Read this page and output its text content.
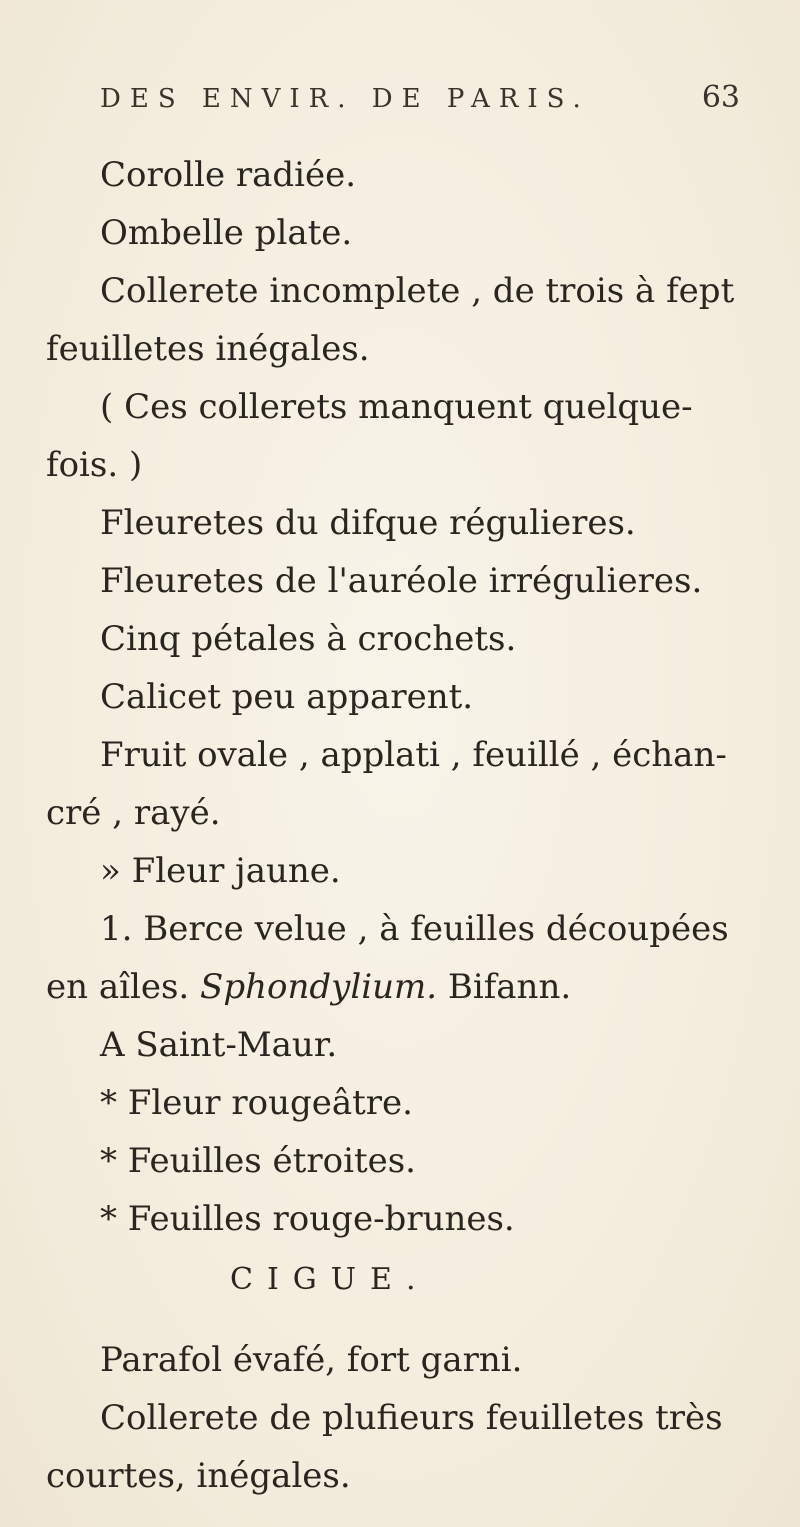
DES ENVIR. DE PARIS.	63
Corolle radiée.
Ombelle plate.
Collerete incomplete , de trois à fept
feuilletes inégales.
( Ces collerets manquent quelque-
fois. )
Fleuretes du difque régulieres.
Fleuretes de l'auréole irrégulieres.
Cinq pétales à crochets.
Calicet peu apparent.
Fruit ovale , applati , feuillé , échan-
cré , rayé.
» Fleur jaune.
1. Berce velue , à feuilles découpées
en aîles. Sphondylium. Bifann.
A Saint-Maur.
* Fleur rougeâtre.
* Feuilles étroites.
* Feuilles rouge-brunes.
CIGUE.
Parafol évafé, fort garni.
Collerete de plufieurs feuilletes très
courtes, inégales.
